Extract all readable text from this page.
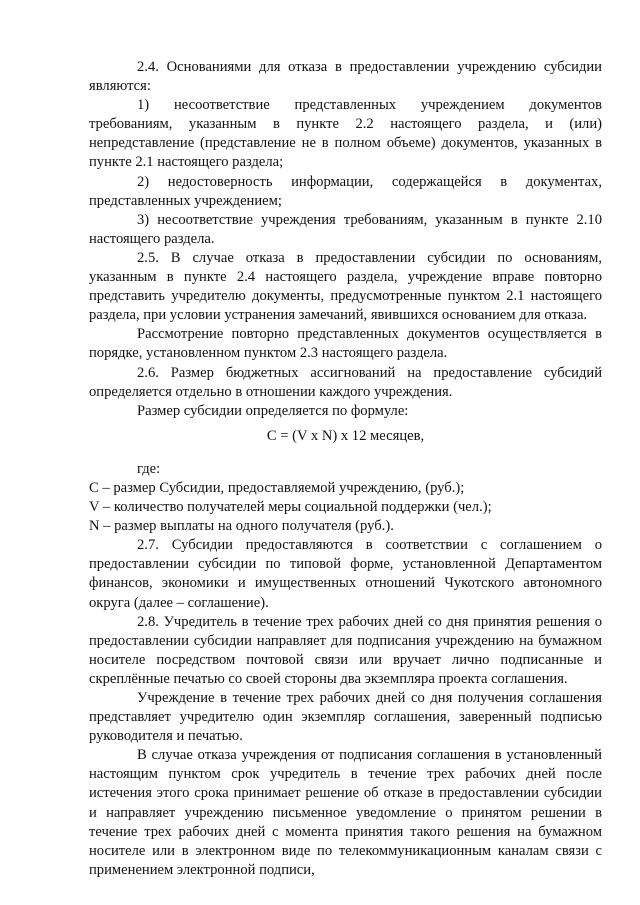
2.4. Основаниями для отказа в предоставлении учреждению субсидии являются:

1) несоответствие представленных учреждением документов требованиям, указанным в пункте 2.2 настоящего раздела, и (или) непредставление (представление не в полном объеме) документов, указанных в пункте 2.1 настоящего раздела;

2) недостоверность информации, содержащейся в документах, представленных учреждением;

3) несоответствие учреждения требованиям, указанным в пункте 2.10 настоящего раздела.

2.5. В случае отказа в предоставлении субсидии по основаниям, указанным в пункте 2.4 настоящего раздела, учреждение вправе повторно представить учредителю документы, предусмотренные пунктом 2.1 настоящего раздела, при условии устранения замечаний, явившихся основанием для отказа.

Рассмотрение повторно представленных документов осуществляется в порядке, установленном пунктом 2.3 настоящего раздела.

2.6. Размер бюджетных ассигнований на предоставление субсидий определяется отдельно в отношении каждого учреждения.

Размер субсидии определяется по формуле:

С = (V x N) x 12 месяцев,

где:

С – размер Субсидии, предоставляемой учреждению, (руб.);

V – количество получателей меры социальной поддержки (чел.);

N – размер выплаты на одного получателя (руб.).

2.7. Субсидии предоставляются в соответствии с соглашением о предоставлении субсидии по типовой форме, установленной Департаментом финансов, экономики и имущественных отношений Чукотского автономного округа (далее – соглашение).

2.8. Учредитель в течение трех рабочих дней со дня принятия решения о предоставлении субсидии направляет для подписания учреждению на бумажном носителе посредством почтовой связи или вручает лично подписанные и скреплённые печатью со своей стороны два экземпляра проекта соглашения.

Учреждение в течение трех рабочих дней со дня получения соглашения представляет учредителю один экземпляр соглашения, заверенный подписью руководителя и печатью.

В случае отказа учреждения от подписания соглашения в установленный настоящим пунктом срок учредитель в течение трех рабочих дней после истечения этого срока принимает решение об отказе в предоставлении субсидии и направляет учреждению письменное уведомление о принятом решении в течение трех рабочих дней с момента принятия такого решения на бумажном носителе или в электронном виде по телекоммуникационным каналам связи с применением электронной подписи,
